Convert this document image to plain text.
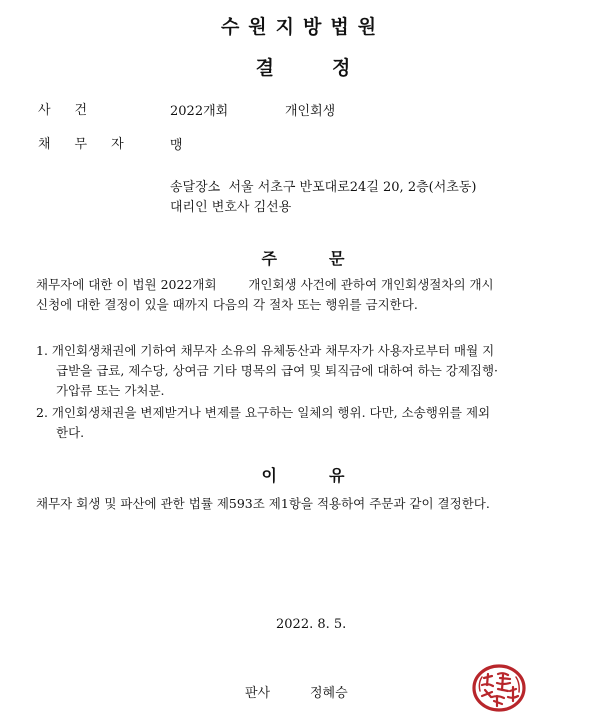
수원지방법원
결정
사건	2022개회	개인회생
채무자 맹
송달장소  서울 서초구 반포대로24길 20, 2층(서초동)
대리인 변호사 김선용
주문
채무자에 대한 이 법원 2022개회        개인회생 사건에 관하여 개인회생절차의 개시
신청에 대한 결정이 있을 때까지 다음의 각 절차 또는 행위를 금지한다.
1. 개인회생채권에 기하여 채무자 소유의 유체동산과 채무자가 사용자로부터 매월 지
급받을 급료, 제수당, 상여금 기타 명목의 급여 및 퇴직금에 대하여 하는 강제집행·
가압류 또는 가처분.
2. 개인회생채권을 변제받거나 변제를 요구하는 일체의 행위. 다만, 소송행위를 제외
한다.
이유
채무자 회생 및 파산에 관한 법률 제593조 제1항을 적용하여 주문과 같이 결정한다.
2022. 8. 5.
판사	정혜승
